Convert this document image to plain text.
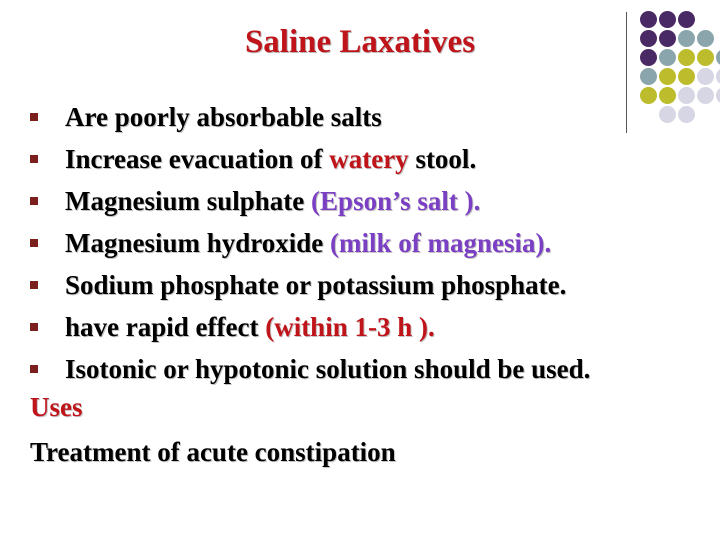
Saline Laxatives
Are poorly absorbable salts
Increase evacuation of watery stool.
Magnesium sulphate (Epson’s salt ).
Magnesium hydroxide (milk of magnesia).
Sodium phosphate or potassium phosphate.
have rapid effect (within 1-3 h ).
Isotonic or hypotonic solution should be used.
Uses
Treatment of acute constipation
